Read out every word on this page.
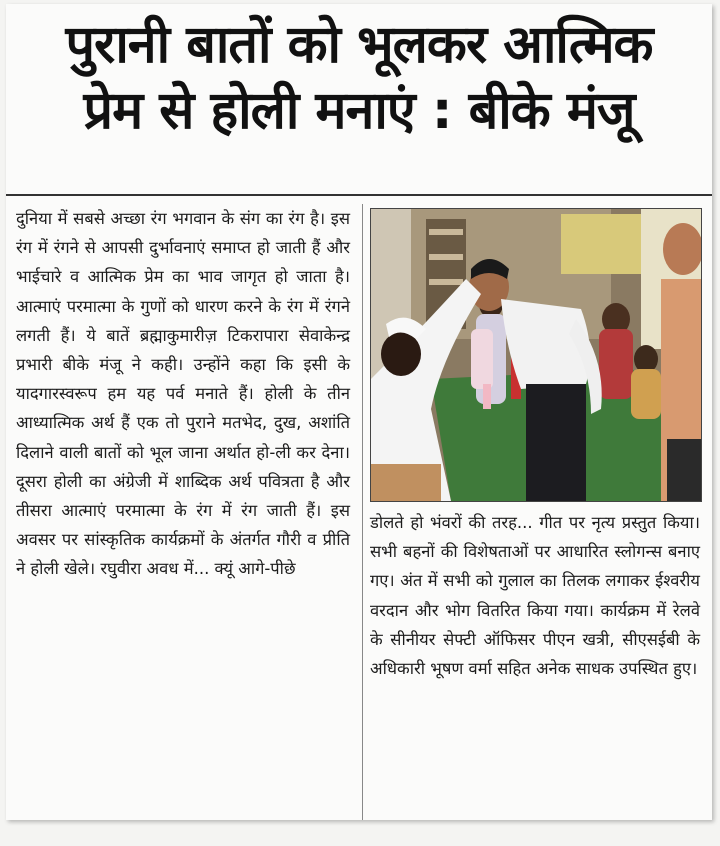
पुरानी बातों को भूलकर आत्मिक
प्रेम से होली मनाएं : बीके मंजू
दुनिया में सबसे अच्छा रंग भगवान के संग का रंग है। इस रंग में रंगने से आपसी दुर्भावनाएं समाप्त हो जाती हैं और भाईचारे व आत्मिक प्रेम का भाव जागृत हो जाता है। आत्माएं परमात्मा के गुणों को धारण करने के रंग में रंगने लगती हैं। ये बातें ब्रह्माकुमारीज़ टिकरापारा सेवाकेन्द्र प्रभारी बीके मंजू ने कही। उन्होंने कहा कि इसी के यादगारस्वरूप हम यह पर्व मनाते हैं। होली के तीन आध्यात्मिक अर्थ हैं एक तो पुराने मतभेद, दुख, अशांति दिलाने वाली बातों को भूल जाना अर्थात हो-ली कर देना। दूसरा होली का अंग्रेजी में शाब्दिक अर्थ पवित्रता है और तीसरा आत्माएं परमात्मा के रंग में रंग जाती हैं। इस अवसर पर सांस्कृतिक कार्यक्रमों के अंतर्गत गौरी व प्रीति ने होली खेले। रघुवीरा अवध में... क्यूं आगे-पीछे
डोलते हो भंवरों की तरह... गीत पर नृत्य प्रस्तुत किया। सभी बहनों की विशेषताओं पर आधारित स्लोगन्स बनाए गए। अंत में सभी को गुलाल का तिलक लगाकर ईश्वरीय वरदान और भोग वितरित किया गया। कार्यक्रम में रेलवे के सीनीयर सेफ्टी ऑफिसर पीएन खत्री, सीएसईबी के अधिकारी भूषण वर्मा सहित अनेक साधक उपस्थित हुए।
